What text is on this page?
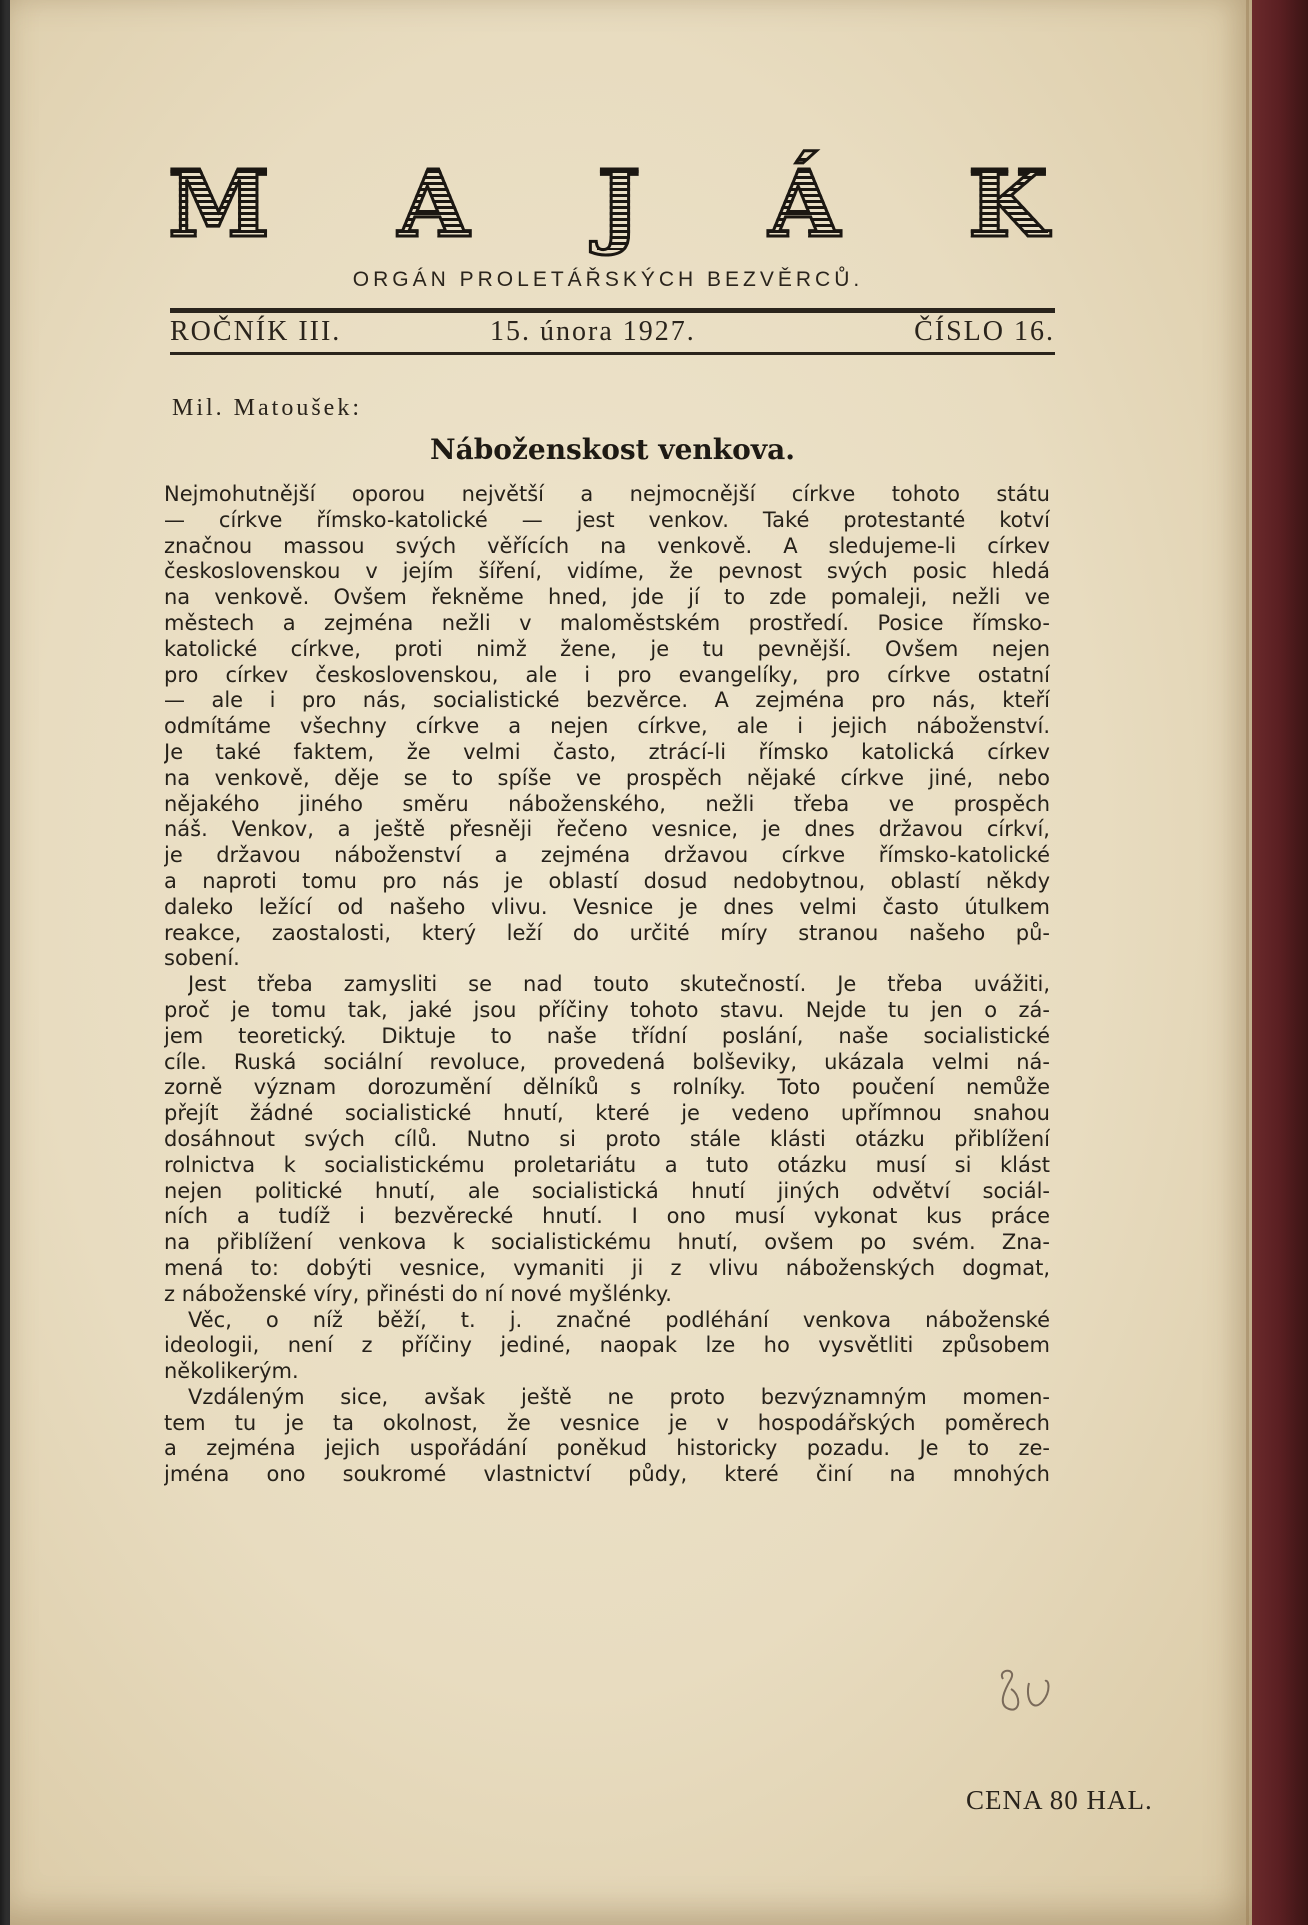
M A J Á K
ORGÁN PROLETÁŘSKÝCH BEZVĚRCŮ.
ROČNÍK III.	15. února 1927.	ČÍSLO 16.
Mil. Matoušek:
Náboženskost venkova.
Nejmohutnější oporou největší a nejmocnější církve tohoto státu
— církve římsko-katolické — jest venkov. Také protestanté kotví
značnou massou svých věřících na venkově. A sledujeme-li církev
československou v jejím šíření, vidíme, že pevnost svých posic hledá
na venkově. Ovšem řekněme hned, jde jí to zde pomaleji, nežli ve
městech a zejména nežli v maloměstském prostředí. Posice římsko-
katolické církve, proti nimž žene, je tu pevnější. Ovšem nejen
pro církev československou, ale i pro evangelíky, pro církve ostatní
— ale i pro nás, socialistické bezvěrce. A zejména pro nás, kteří
odmítáme všechny církve a nejen církve, ale i jejich náboženství.
Je také faktem, že velmi často, ztrácí-li římsko katolická církev
na venkově, děje se to spíše ve prospěch nějaké církve jiné, nebo
nějakého jiného směru náboženského, nežli třeba ve prospěch
náš. Venkov, a ještě přesněji řečeno vesnice, je dnes državou církví,
je državou náboženství a zejména državou církve římsko-katolické
a naproti tomu pro nás je oblastí dosud nedobytnou, oblastí někdy
daleko ležící od našeho vlivu. Vesnice je dnes velmi často útulkem
reakce, zaostalosti, který leží do určité míry stranou našeho pů-
sobení.
Jest třeba zamysliti se nad touto skutečností. Je třeba uvážiti,
proč je tomu tak, jaké jsou příčiny tohoto stavu. Nejde tu jen o zá-
jem teoretický. Diktuje to naše třídní poslání, naše socialistické
cíle. Ruská sociální revoluce, provedená bolševiky, ukázala velmi ná-
zorně význam dorozumění dělníků s rolníky. Toto poučení nemůže
přejít žádné socialistické hnutí, které je vedeno upřímnou snahou
dosáhnout svých cílů. Nutno si proto stále klásti otázku přiblížení
rolnictva k socialistickému proletariátu a tuto otázku musí si klást
nejen politické hnutí, ale socialistická hnutí jiných odvětví sociál-
ních a tudíž i bezvěrecké hnutí. I ono musí vykonat kus práce
na přiblížení venkova k socialistickému hnutí, ovšem po svém. Zna-
mená to: dobýti vesnice, vymaniti ji z vlivu náboženských dogmat,
z náboženské víry, přinésti do ní nové myšlénky.
Věc, o níž běží, t. j. značné podléhání venkova náboženské
ideologii, není z příčiny jediné, naopak lze ho vysvětliti způsobem
několikerým.
Vzdáleným sice, avšak ještě ne proto bezvýznamným momen-
tem tu je ta okolnost, že vesnice je v hospodářských poměrech
a zejména jejich uspořádání poněkud historicky pozadu. Je to ze-
jména ono soukromé vlastnictví půdy, které činí na mnohých
CENA 80 HAL.
